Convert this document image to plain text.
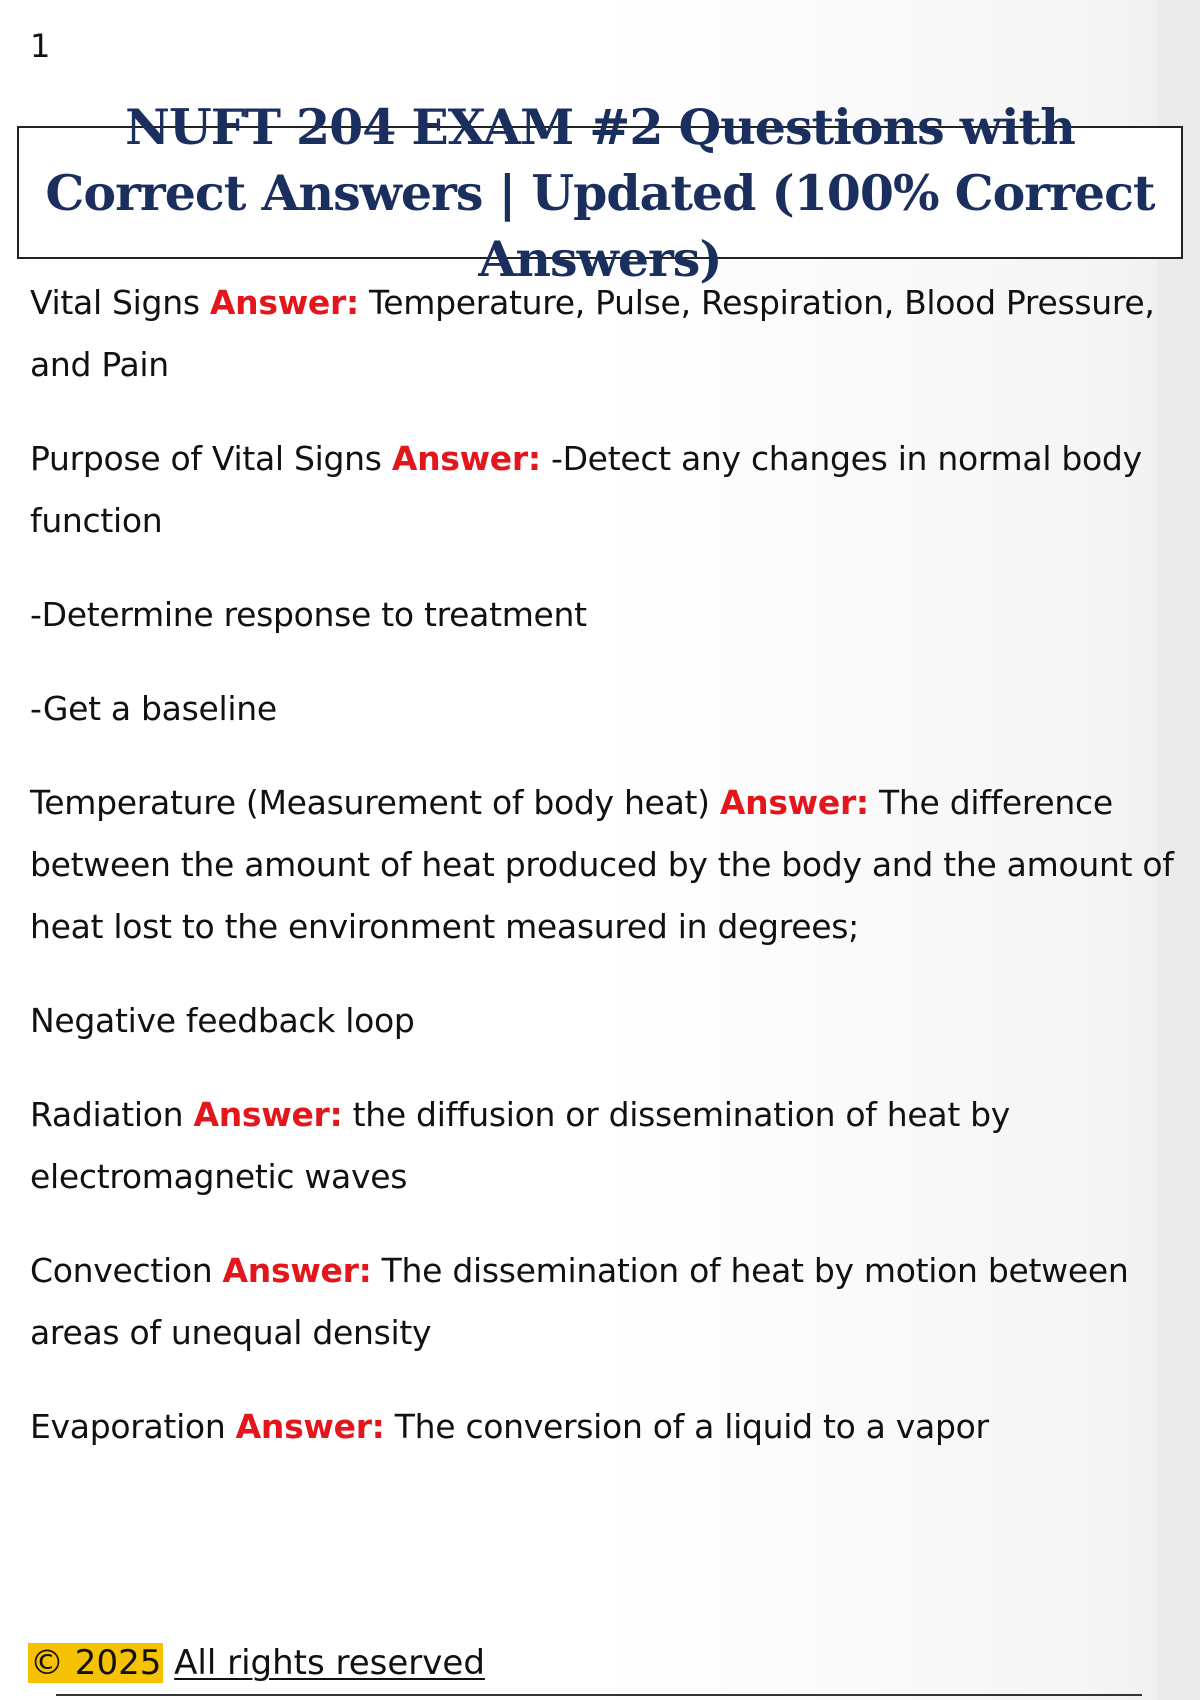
1
NUFT 204 EXAM #2 Questions with Correct Answers | Updated (100% Correct Answers)

Vital Signs Answer: Temperature, Pulse, Respiration, Blood Pressure, and Pain

Purpose of Vital Signs Answer: -Detect any changes in normal body function

-Determine response to treatment

-Get a baseline

Temperature (Measurement of body heat) Answer: The difference between the amount of heat produced by the body and the amount of heat lost to the environment measured in degrees;

Negative feedback loop

Radiation Answer: the diffusion or dissemination of heat by electromagnetic waves

Convection Answer: The dissemination of heat by motion between areas of unequal density

Evaporation Answer: The conversion of a liquid to a vapor

© 2025 All rights reserved
